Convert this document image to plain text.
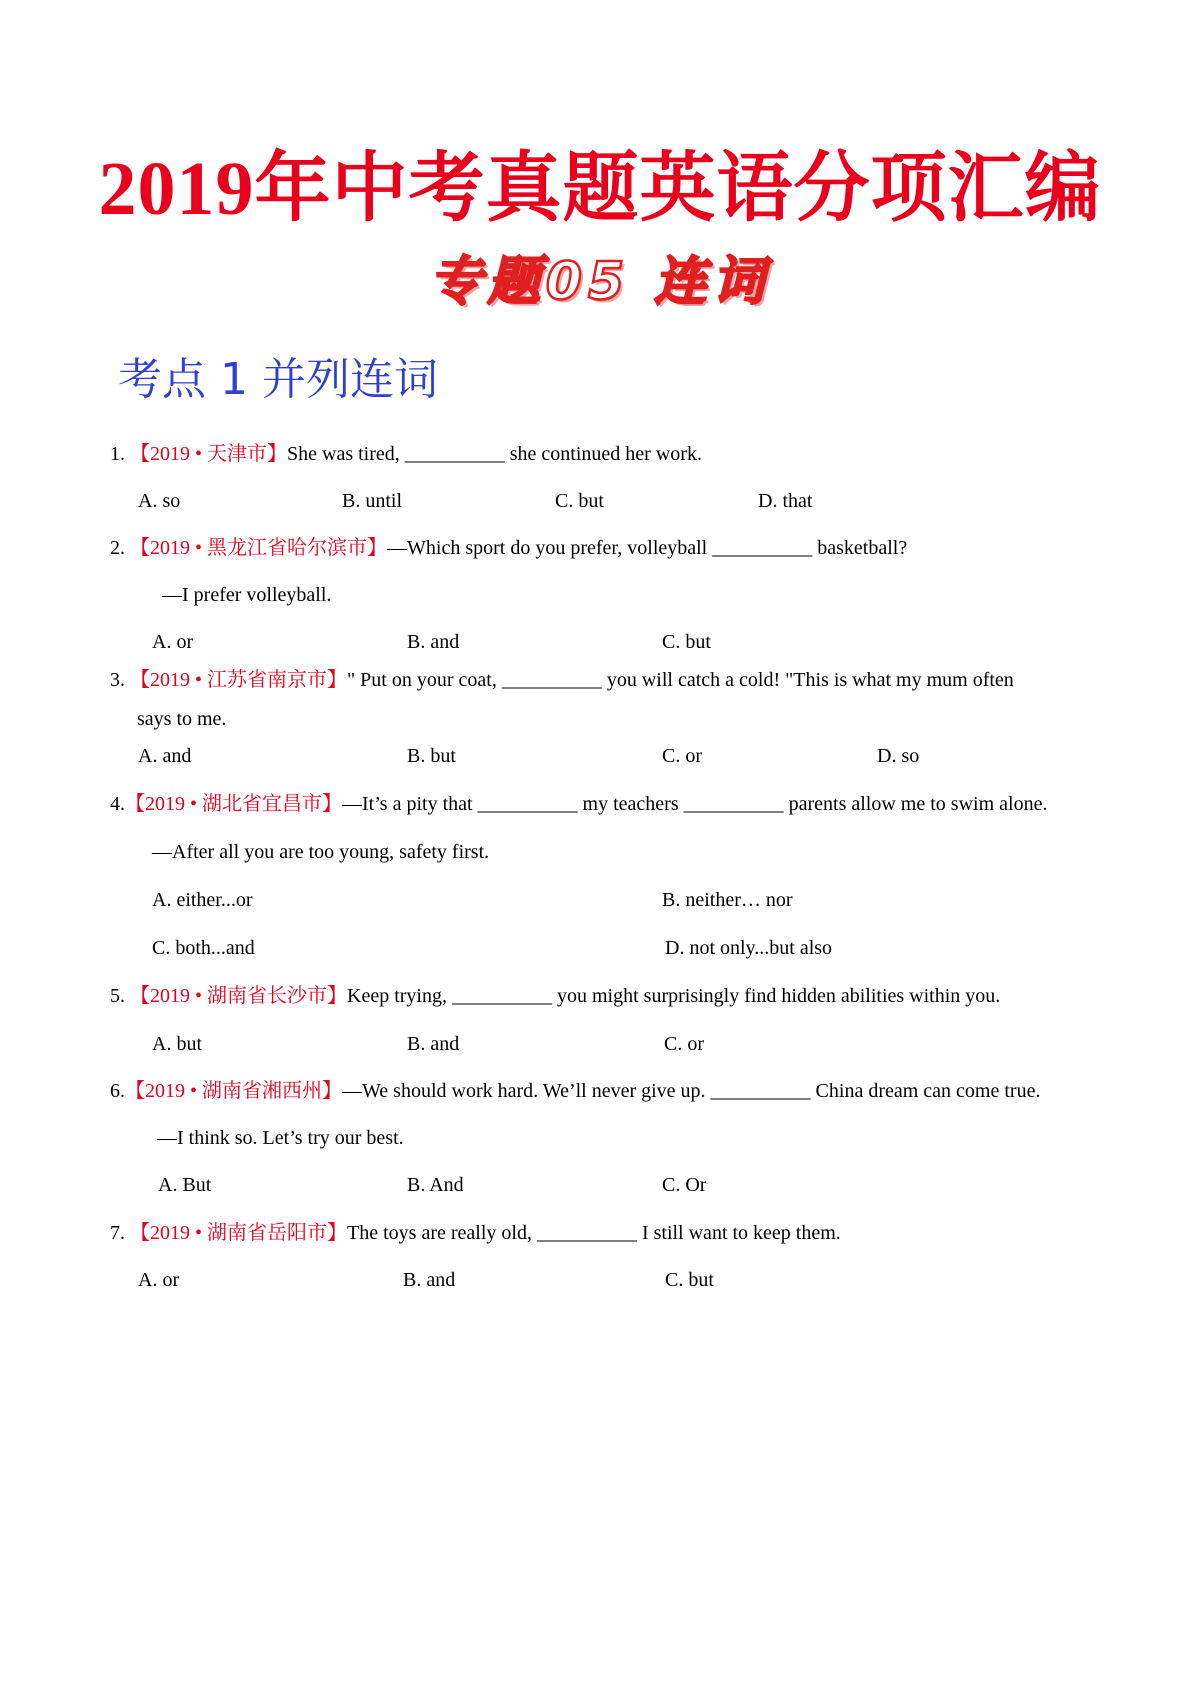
2019年中考真题英语分项汇编
专题05 连词
考点 1 并列连词
1. 【2019 • 天津市】She was tired, __________ she continued her work.
A. so	B. until	C. but	D. that
2. 【2019 • 黑龙江省哈尔滨市】—Which sport do you prefer, volleyball __________ basketball?
—I prefer volleyball.
A. or	B. and	C. but
3. 【2019 • 江苏省南京市】" Put on your coat, __________ you will catch a cold! "This is what my mum often
says to me.
A. and	B. but	C. or	D. so
4.【2019 • 湖北省宜昌市】—It’s a pity that __________ my teachers __________ parents allow me to swim alone.
—After all you are too young, safety first.
A. either...or	B. neither… nor
C. both...and	D. not only...but also
5. 【2019 • 湖南省长沙市】Keep trying, __________ you might surprisingly find hidden abilities within you.
A. but	B. and	C. or
6.【2019 • 湖南省湘西州】—We should work hard. We’ll never give up. __________ China dream can come true.
—I think so. Let’s try our best.
A. But	B. And	C. Or
7. 【2019 • 湖南省岳阳市】The toys are really old, __________ I still want to keep them.
A. or	B. and	C. but
